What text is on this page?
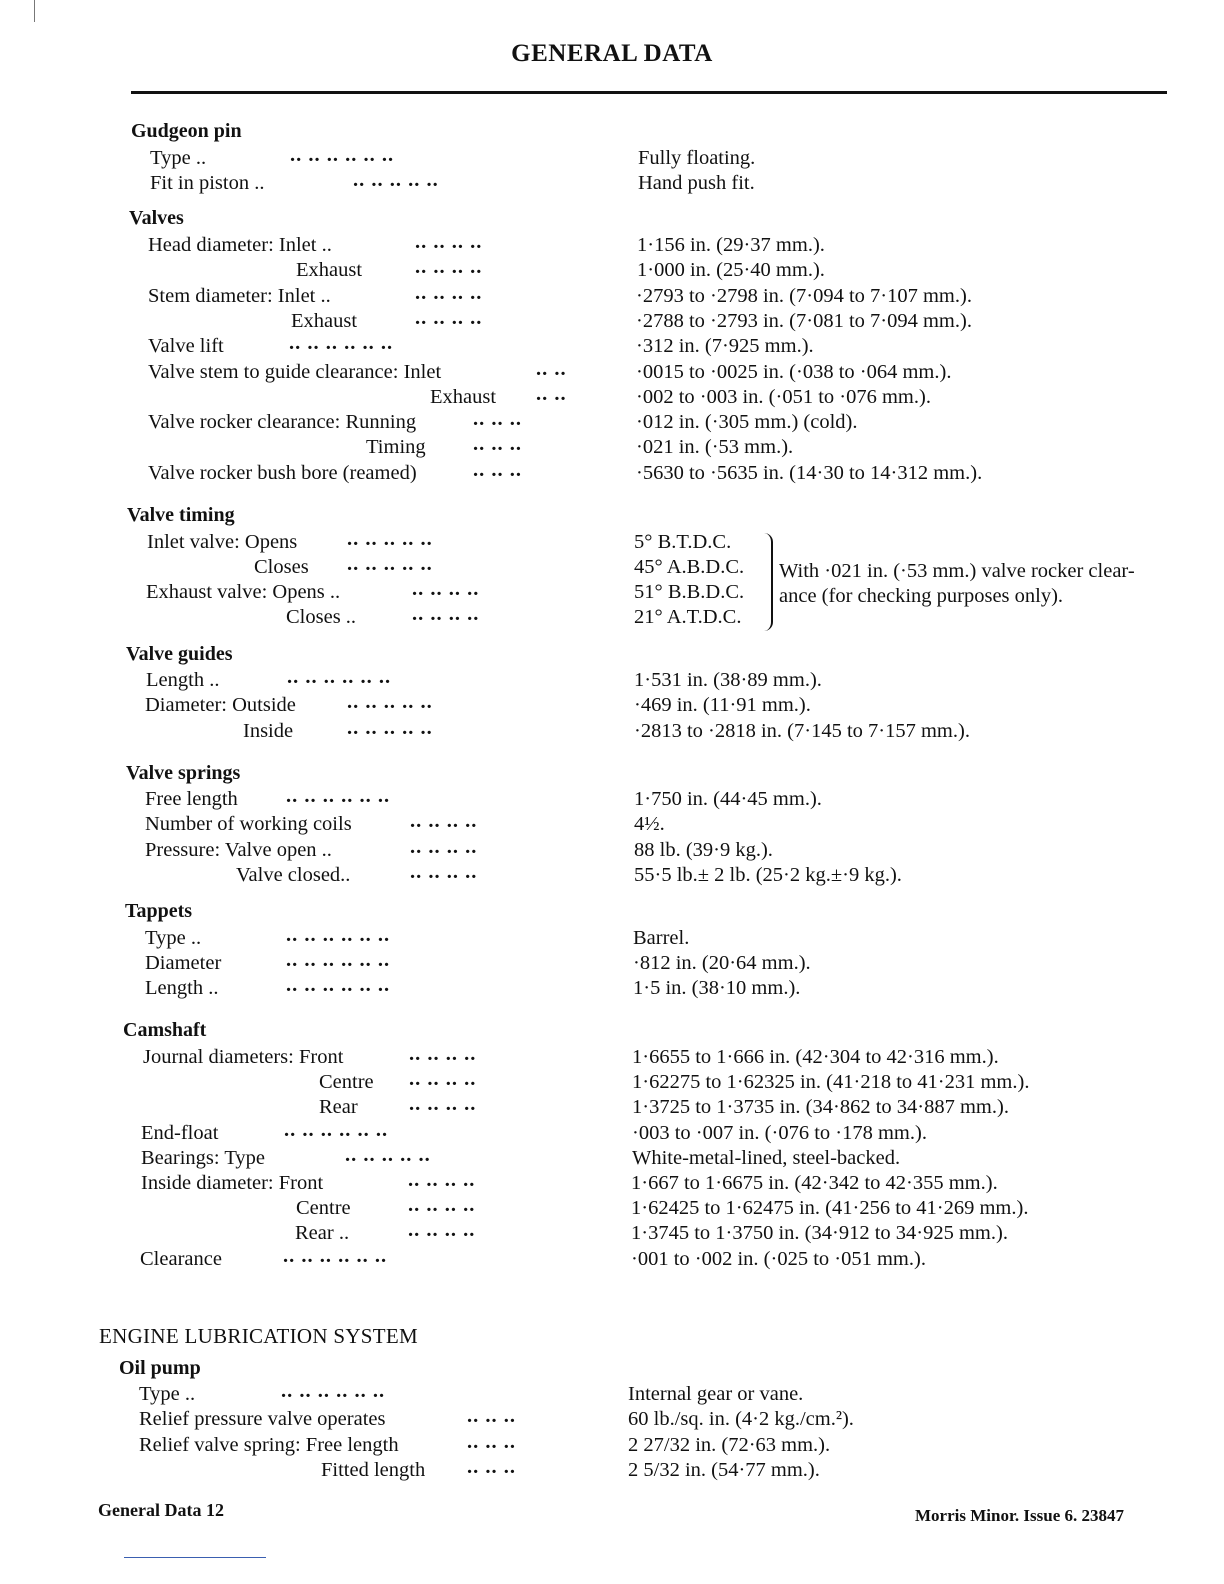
GENERAL DATA
Gudgeon pin
Type ..	.. .. .. .. .. ..	Fully floating.
Fit in piston ..	.. .. .. .. ..	Hand push fit.
Valves
Head diameter: Inlet ..	.. .. .. ..	1·156 in. (29·37 mm.).
Exhaust	.. .. .. ..	1·000 in. (25·40 mm.).
Stem diameter: Inlet ..	.. .. .. ..	·2793 to ·2798 in. (7·094 to 7·107 mm.).
Exhaust	.. .. .. ..	·2788 to ·2793 in. (7·081 to 7·094 mm.).
Valve lift	.. .. .. .. .. ..	·312 in. (7·925 mm.).
Valve stem to guide clearance: Inlet	.. ..	·0015 to ·0025 in. (·038 to ·064 mm.).
Exhaust .. ..	·002 to ·003 in. (·051 to ·076 mm.).
Valve rocker clearance: Running	.. .. ..	·012 in. (·305 mm.) (cold).
Timing .. .. ..	·021 in. (·53 mm.).
Valve rocker bush bore (reamed)	.. .. ..	·5630 to ·5635 in. (14·30 to 14·312 mm.).
Valve timing
Inlet valve: Opens .. .. .. .. ..	5° B.T.D.C.
Closes .. .. .. .. ..	45° A.B.D.C.
Exhaust valve: Opens ..	.. .. .. ..	51° B.B.D.C.
Closes ..	.. .. .. ..	21° A.T.D.C.
With ·021 in. (·53 mm.) valve rocker clear-
ance (for checking purposes only).
Valve guides
Length ..	.. .. .. .. .. ..	1·531 in. (38·89 mm.).
Diameter: Outside .. .. .. .. ..	·469 in. (11·91 mm.).
Inside	.. .. .. .. ..	·2813 to ·2818 in. (7·145 to 7·157 mm.).
Valve springs
Free length .. .. .. .. .. ..	1·750 in. (44·45 mm.).
Number of working coils	.. .. .. ..	4½.
Pressure: Valve open ..	.. .. .. ..	88 lb. (39·9 kg.).
Valve closed..	.. .. .. ..	55·5 lb.± 2 lb. (25·2 kg.±·9 kg.).
Tappets
Type ..	.. .. .. .. .. ..	Barrel.
Diameter	.. .. .. .. .. ..	·812 in. (20·64 mm.).
Length ..	.. .. .. .. .. ..	1·5 in. (38·10 mm.).
Camshaft
Journal diameters: Front	.. .. .. ..	1·6655 to 1·666 in. (42·304 to 42·316 mm.).
Centre .. .. .. ..	1·62275 to 1·62325 in. (41·218 to 41·231 mm.).
Rear	.. .. .. ..	1·3725 to 1·3735 in. (34·862 to 34·887 mm.).
End-float	.. .. .. .. .. ..	·003 to ·007 in. (·076 to ·178 mm.).
Bearings: Type	.. .. .. .. ..	White-metal-lined, steel-backed.
Inside diameter: Front	.. .. .. ..	1·667 to 1·6675 in. (42·342 to 42·355 mm.).
Centre	.. .. .. ..	1·62425 to 1·62475 in. (41·256 to 41·269 mm.).
Rear ..	.. .. .. ..	1·3745 to 1·3750 in. (34·912 to 34·925 mm.).
Clearance	.. .. .. .. .. ..	·001 to ·002 in. (·025 to ·051 mm.).
ENGINE LUBRICATION SYSTEM
Oil pump
Type ..	.. .. .. .. .. ..	Internal gear or vane.
Relief pressure valve operates	.. .. ..	60 lb./sq. in. (4·2 kg./cm.²).
Relief valve spring: Free length	.. .. ..	2 27/32 in. (72·63 mm.).
Fitted length .. .. ..	2 5/32 in. (54·77 mm.).
General Data 12	Morris Minor. Issue 6. 23847
